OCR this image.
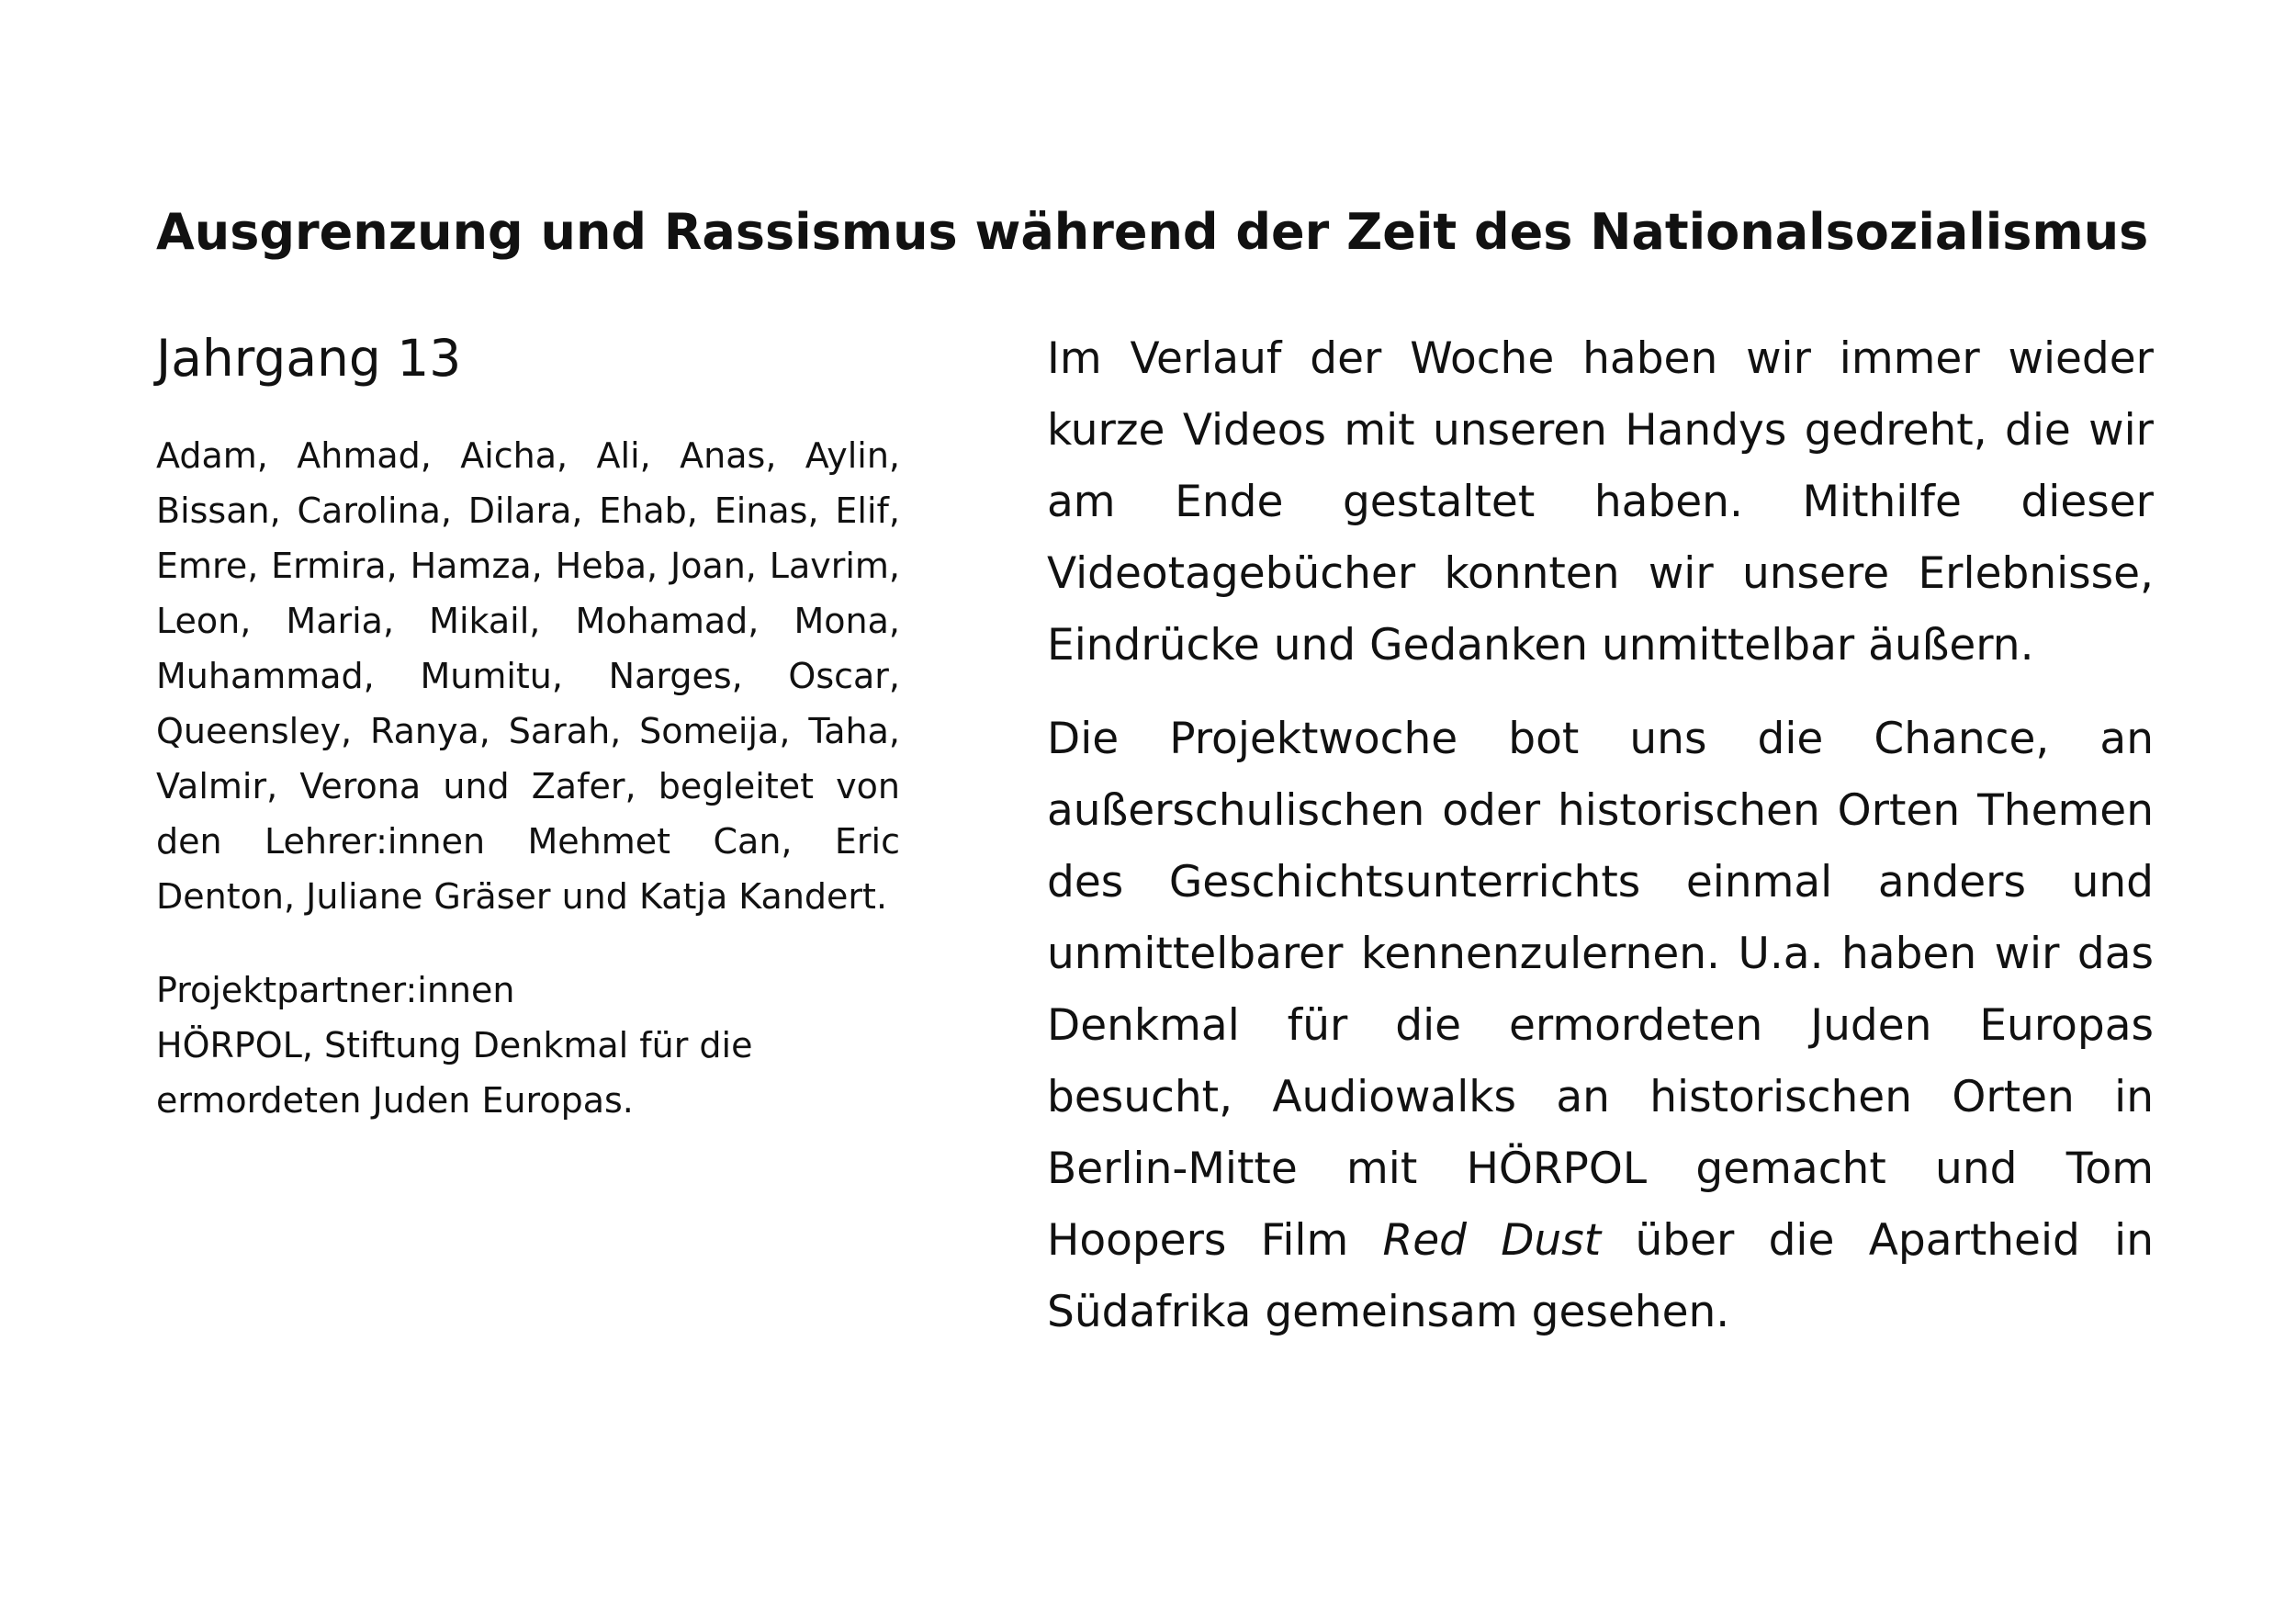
Ausgrenzung und Rassismus während der Zeit des Nationalsozialismus
Jahrgang 13

Adam, Ahmad, Aicha, Ali, Anas, Aylin, Bissan, Carolina, Dilara, Ehab, Einas, Elif, Emre, Ermira, Hamza, Heba, Joan, Lavrim, Leon, Maria, Mikail, Mohamad, Mona, Muhammad, Mumitu, Narges, Oscar, Queensley, Ranya, Sarah, Someija, Taha, Valmir, Verona und Zafer, begleitet von den Lehrer:innen Mehmet Can, Eric Denton, Juliane Gräser und Katja Kandert.

Projektpartner:innen
HÖRPOL, Stiftung Denkmal für die ermordeten Juden Europas.

Im Verlauf der Woche haben wir immer wieder kurze Videos mit unseren Handys gedreht, die wir am Ende gestaltet haben. Mithilfe dieser Videotagebücher konnten wir unsere Erlebnisse, Eindrücke und Gedanken unmittelbar äußern.

Die Projektwoche bot uns die Chance, an außerschulischen oder historischen Orten Themen des Geschichtsunterrichts einmal anders und unmittelbarer kennenzulernen. U.a. haben wir das Denkmal für die ermordeten Juden Europas besucht, Audiowalks an historischen Orten in Berlin-Mitte mit HÖRPOL gemacht und Tom Hoopers Film Red Dust über die Apartheid in Südafrika gemeinsam gesehen.
